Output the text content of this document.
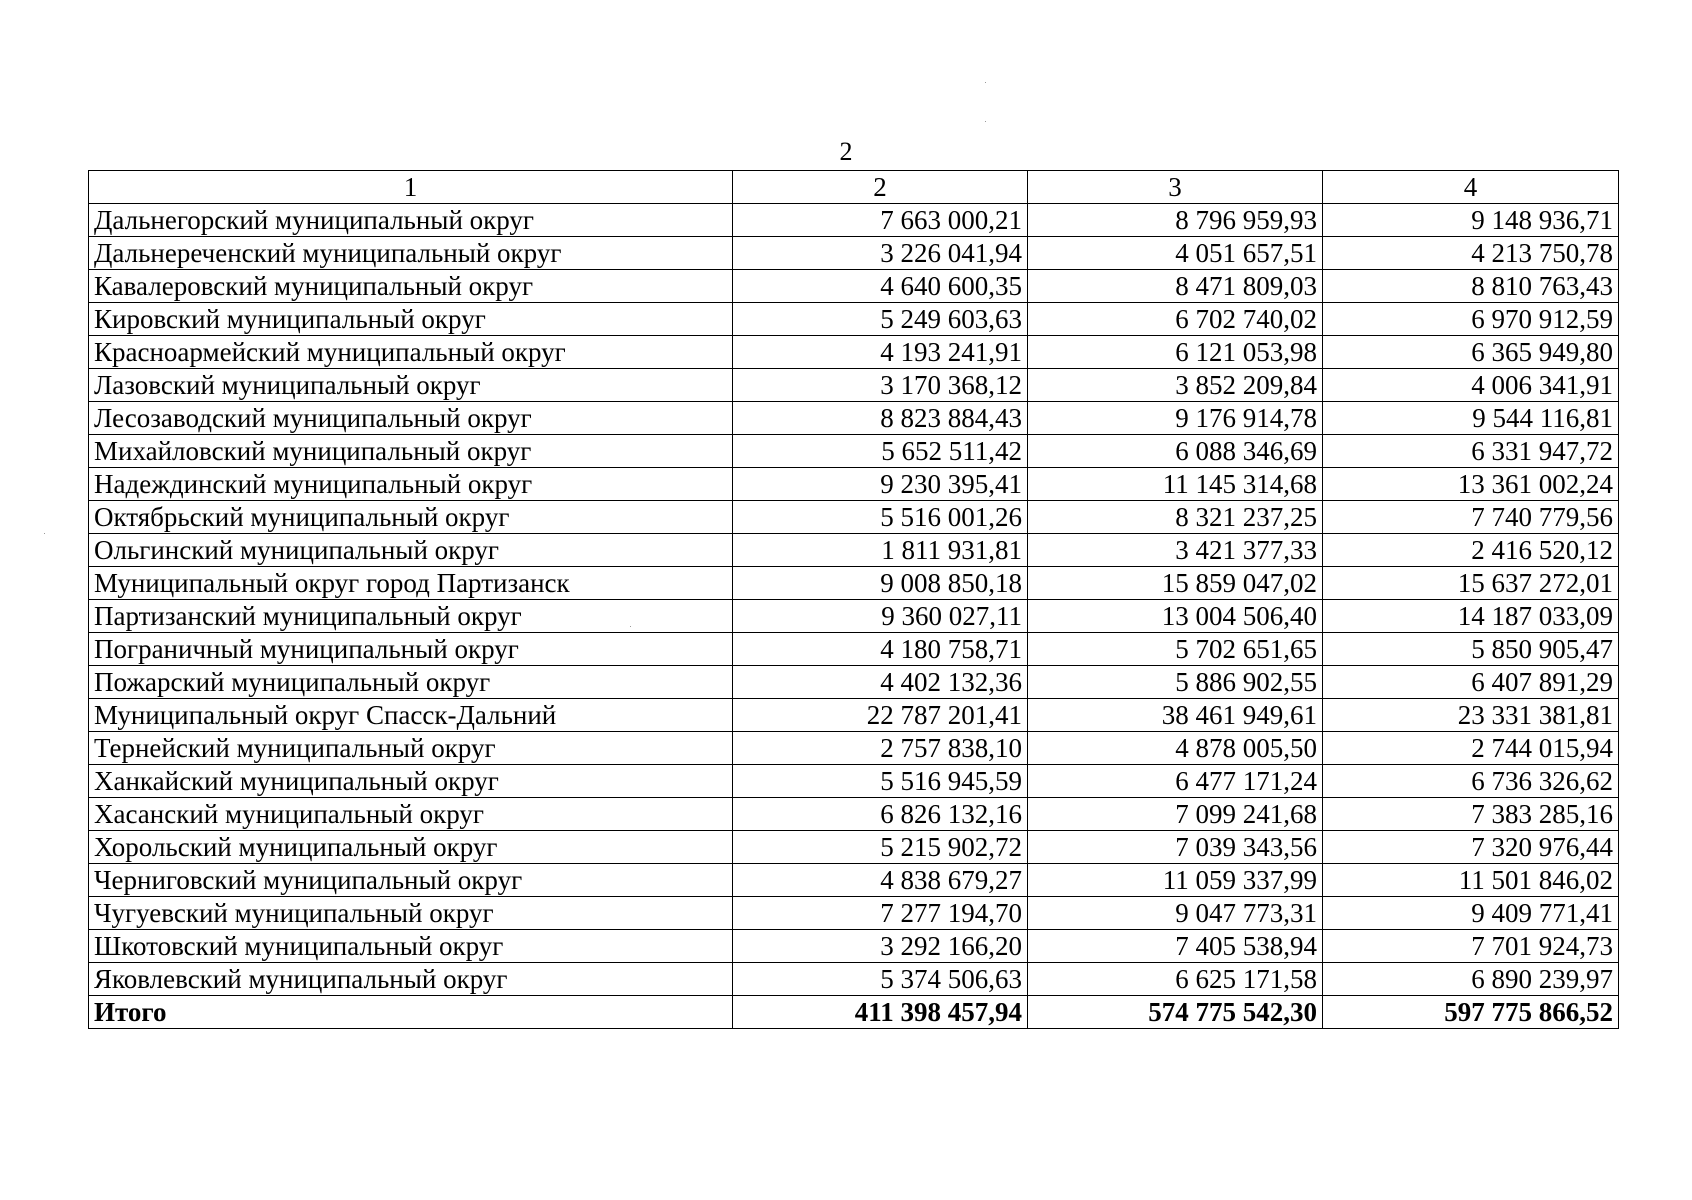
2
1	2	3	4
Дальнегорский муниципальный округ	7 663 000,21	8 796 959,93	9 148 936,71
Дальнереченский муниципальный округ	3 226 041,94	4 051 657,51	4 213 750,78
Кавалеровский муниципальный округ	4 640 600,35	8 471 809,03	8 810 763,43
Кировский муниципальный округ	5 249 603,63	6 702 740,02	6 970 912,59
Красноармейский муниципальный округ	4 193 241,91	6 121 053,98	6 365 949,80
Лазовский муниципальный округ	3 170 368,12	3 852 209,84	4 006 341,91
Лесозаводский муниципальный округ	8 823 884,43	9 176 914,78	9 544 116,81
Михайловский муниципальный округ	5 652 511,42	6 088 346,69	6 331 947,72
Надеждинский муниципальный округ	9 230 395,41	11 145 314,68	13 361 002,24
Октябрьский муниципальный округ	5 516 001,26	8 321 237,25	7 740 779,56
Ольгинский муниципальный округ	1 811 931,81	3 421 377,33	2 416 520,12
Муниципальный округ город Партизанск	9 008 850,18	15 859 047,02	15 637 272,01
Партизанский муниципальный округ	9 360 027,11	13 004 506,40	14 187 033,09
Пограничный муниципальный округ	4 180 758,71	5 702 651,65	5 850 905,47
Пожарский муниципальный округ	4 402 132,36	5 886 902,55	6 407 891,29
Муниципальный округ Спасск-Дальний	22 787 201,41	38 461 949,61	23 331 381,81
Тернейский муниципальный округ	2 757 838,10	4 878 005,50	2 744 015,94
Ханкайский муниципальный округ	5 516 945,59	6 477 171,24	6 736 326,62
Хасанский муниципальный округ	6 826 132,16	7 099 241,68	7 383 285,16
Хорольский муниципальный округ	5 215 902,72	7 039 343,56	7 320 976,44
Черниговский муниципальный округ	4 838 679,27	11 059 337,99	11 501 846,02
Чугуевский муниципальный округ	7 277 194,70	9 047 773,31	9 409 771,41
Шкотовский муниципальный округ	3 292 166,20	7 405 538,94	7 701 924,73
Яковлевский муниципальный округ	5 374 506,63	6 625 171,58	6 890 239,97
Итого	411 398 457,94	574 775 542,30	597 775 866,52
